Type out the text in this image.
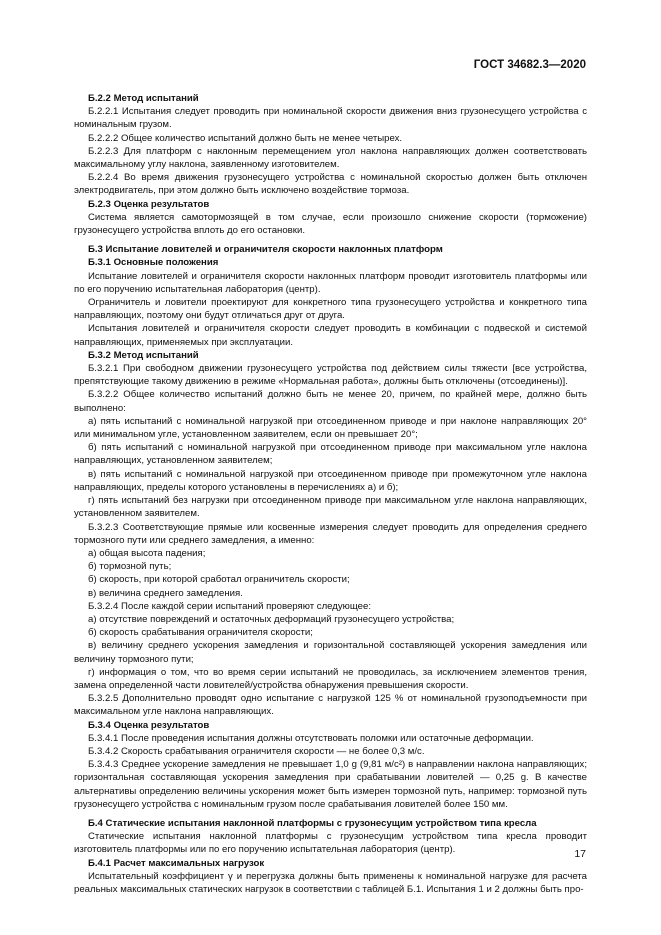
ГОСТ 34682.3—2020

Б.2.2 Метод испытаний

Б.2.2.1 Испытания следует проводить при номинальной скорости движения вниз грузонесущего устройства с номинальным грузом.

Б.2.2.2 Общее количество испытаний должно быть не менее четырех.

Б.2.2.3 Для платформ с наклонным перемещением угол наклона направляющих должен соответствовать максимальному углу наклона, заявленному изготовителем.

Б.2.2.4 Во время движения грузонесущего устройства с номинальной скоростью должен быть отключен электродвигатель, при этом должно быть исключено воздействие тормоза.

Б.2.3 Оценка результатов

Система является самотормозящей в том случае, если произошло снижение скорости (торможение) грузонесущего устройства вплоть до его остановки.

Б.3 Испытание ловителей и ограничителя скорости наклонных платформ

Б.3.1 Основные положения

Испытание ловителей и ограничителя скорости наклонных платформ проводит изготовитель платформы или по его поручению испытательная лаборатория (центр).

Ограничитель и ловители проектируют для конкретного типа грузонесущего устройства и конкретного типа направляющих, поэтому они будут отличаться друг от друга.

Испытания ловителей и ограничителя скорости следует проводить в комбинации с подвеской и системой направляющих, применяемых при эксплуатации.

Б.3.2 Метод испытаний

Б.3.2.1 При свободном движении грузонесущего устройства под действием силы тяжести [все устройства, препятствующие такому движению в режиме «Нормальная работа», должны быть отключены (отсоединены)].

Б.3.2.2 Общее количество испытаний должно быть не менее 20, причем, по крайней мере, должно быть выполнено:

а) пять испытаний с номинальной нагрузкой при отсоединенном приводе и при наклоне направляющих 20° или минимальном угле, установленном заявителем, если он превышает 20°;

б) пять испытаний с номинальной нагрузкой при отсоединенном приводе при максимальном угле наклона направляющих, установленном заявителем;

в) пять испытаний с номинальной нагрузкой при отсоединенном приводе при промежуточном угле наклона направляющих, пределы которого установлены в перечислениях а) и б);

г) пять испытаний без нагрузки при отсоединенном приводе при максимальном угле наклона направляющих, установленном заявителем.

Б.3.2.3 Соответствующие прямые или косвенные измерения следует проводить для определения среднего тормозного пути или среднего замедления, а именно:

а) общая высота падения;

б) тормозной путь;

б) скорость, при которой сработал ограничитель скорости;

в) величина среднего замедления.

Б.3.2.4 После каждой серии испытаний проверяют следующее:

а) отсутствие повреждений и остаточных деформаций грузонесущего устройства;

б) скорость срабатывания ограничителя скорости;

в) величину среднего ускорения замедления и горизонтальной составляющей ускорения замедления или величину тормозного пути;

г) информация о том, что во время серии испытаний не проводилась, за исключением элементов трения, замена определенной части ловителей/устройства обнаружения превышения скорости.

Б.3.2.5 Дополнительно проводят одно испытание с нагрузкой 125 % от номинальной грузоподъемности при максимальном угле наклона направляющих.

Б.3.4 Оценка результатов

Б.3.4.1 После проведения испытания должны отсутствовать поломки или остаточные деформации.

Б.3.4.2 Скорость срабатывания ограничителя скорости — не более 0,3 м/с.

Б.3.4.3 Среднее ускорение замедления не превышает 1,0 g (9,81 м/с²) в направлении наклона направляющих; горизонтальная составляющая ускорения замедления при срабатывании ловителей — 0,25 g. В качестве альтернативы определению величины ускорения может быть измерен тормозной путь, например: тормозной путь грузонесущего устройства с номинальным грузом после срабатывания ловителей более 150 мм.

Б.4 Статические испытания наклонной платформы с грузонесущим устройством типа кресла

Статические испытания наклонной платформы с грузонесущим устройством типа кресла проводит изготовитель платформы или по его поручению испытательная лаборатория (центр).

Б.4.1 Расчет максимальных нагрузок

Испытательный коэффициент γ и перегрузка должны быть применены к номинальной нагрузке для расчета реальных максимальных статических нагрузок в соответствии с таблицей Б.1. Испытания 1 и 2 должны быть про-

17
